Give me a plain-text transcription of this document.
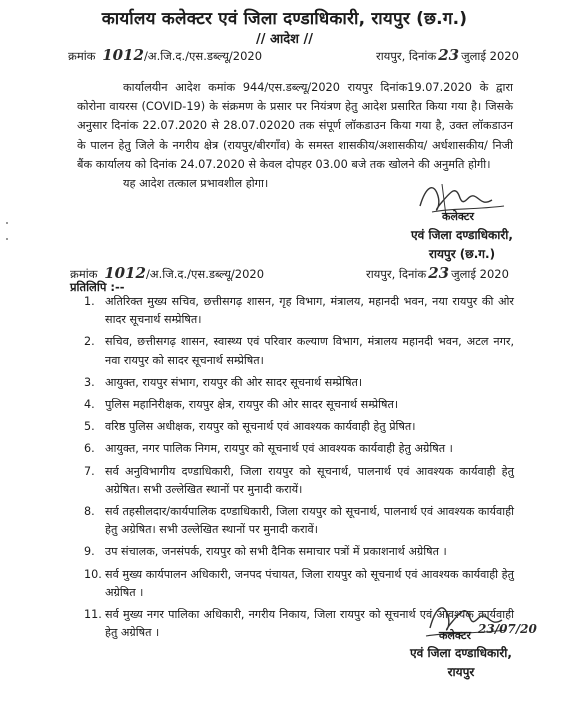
कार्यालय कलेक्टर एवं जिला दण्डाधिकारी, रायपुर (छ.ग.)
// आदेश //
क्रमांक 1012/अ.जि.द./एस.डब्ल्यू/2020	रायपुर, दिनांक 23 जुलाई 2020

कार्यालयीन आदेश कमांक 944/एस.डब्ल्यू/2020 रायपुर दिनांक19.07.2020 के द्वारा कोरोना वायरस (COVID-19) के संक्रमण के प्रसार पर नियंत्रण हेतु आदेश प्रसारित किया गया है। जिसके अनुसार दिनांक 22.07.2020 से 28.07.02020 तक संपूर्ण लॉकडाउन किया गया है, उक्त लॉकडाउन के पालन हेतु जिले के नगरीय क्षेत्र (रायपुर/बीरगाँव) के समस्त शासकीय/अशासकीय/ अर्धशासकीय/ निजी बैंक कार्यालय को दिनांक 24.07.2020 से केवल दोपहर 03.00 बजे तक खोलने की अनुमति होगी।

यह आदेश तत्काल प्रभावशील होगा।

कलेक्टर
एवं जिला दण्डाधिकारी,
रायपुर (छ.ग.)
क्रमांक 1012/अ.जि.द./एस.डब्ल्यू/2020	रायपुर, दिनांक 23 जुलाई 2020
प्रतिलिपि :--
1. अतिरिक्त मुख्य सचिव, छत्तीसगढ़ शासन, गृह विभाग, मंत्रालय, महानदी भवन, नया रायपुर की ओर सादर सूचनार्थ सम्प्रेषित।
2. सचिव, छत्तीसगढ़ शासन, स्वास्थ्य एवं परिवार कल्याण विभाग, मंत्रालय महानदी भवन, अटल नगर, नवा रायपुर को सादर सूचनार्थ सम्प्रेषित।
3. आयुक्त, रायपुर संभाग, रायपुर की ओर सादर सूचनार्थ सम्प्रेषित।
4. पुलिस महानिरीक्षक, रायपुर क्षेत्र, रायपुर की ओर सादर सूचनार्थ सम्प्रेषित।
5. वरिष्ठ पुलिस अधीक्षक, रायपुर को सूचनार्थ एवं आवश्यक कार्यवाही हेतु प्रेषित।
6. आयुक्त, नगर पालिक निगम, रायपुर को सूचनार्थ एवं आवश्यक कार्यवाही हेतु अग्रेषित ।
7. सर्व अनुविभागीय दण्डाधिकारी, जिला रायपुर को सूचनार्थ, पालनार्थ एवं आवश्यक कार्यवाही हेतु अग्रेषित। सभी उल्लेखित स्थानों पर मुनादी करायें।
8. सर्व तहसीलदार/कार्यपालिक दण्डाधिकारी, जिला रायपुर को सूचनार्थ, पालनार्थ एवं आवश्यक कार्यवाही हेतु अग्रेषित। सभी उल्लेखित स्थानों पर मुनादी करावें।
9. उप संचालक, जनसंपर्क, रायपुर को सभी दैनिक समाचार पत्रों में प्रकाशनार्थ अग्रेषित ।
10. सर्व मुख्य कार्यपालन अधिकारी, जनपद पंचायत, जिला रायपुर को सूचनार्थ एवं आवश्यक कार्यवाही हेतु अग्रेषित ।
11. सर्व मुख्य नगर पालिका अधिकारी, नगरीय निकाय, जिला रायपुर को सूचनार्थ एवं आवश्यक कार्यवाही हेतु अग्रेषित ।	कलेक्टर 23/07/20
एवं जिला दण्डाधिकारी,
रायपुर
